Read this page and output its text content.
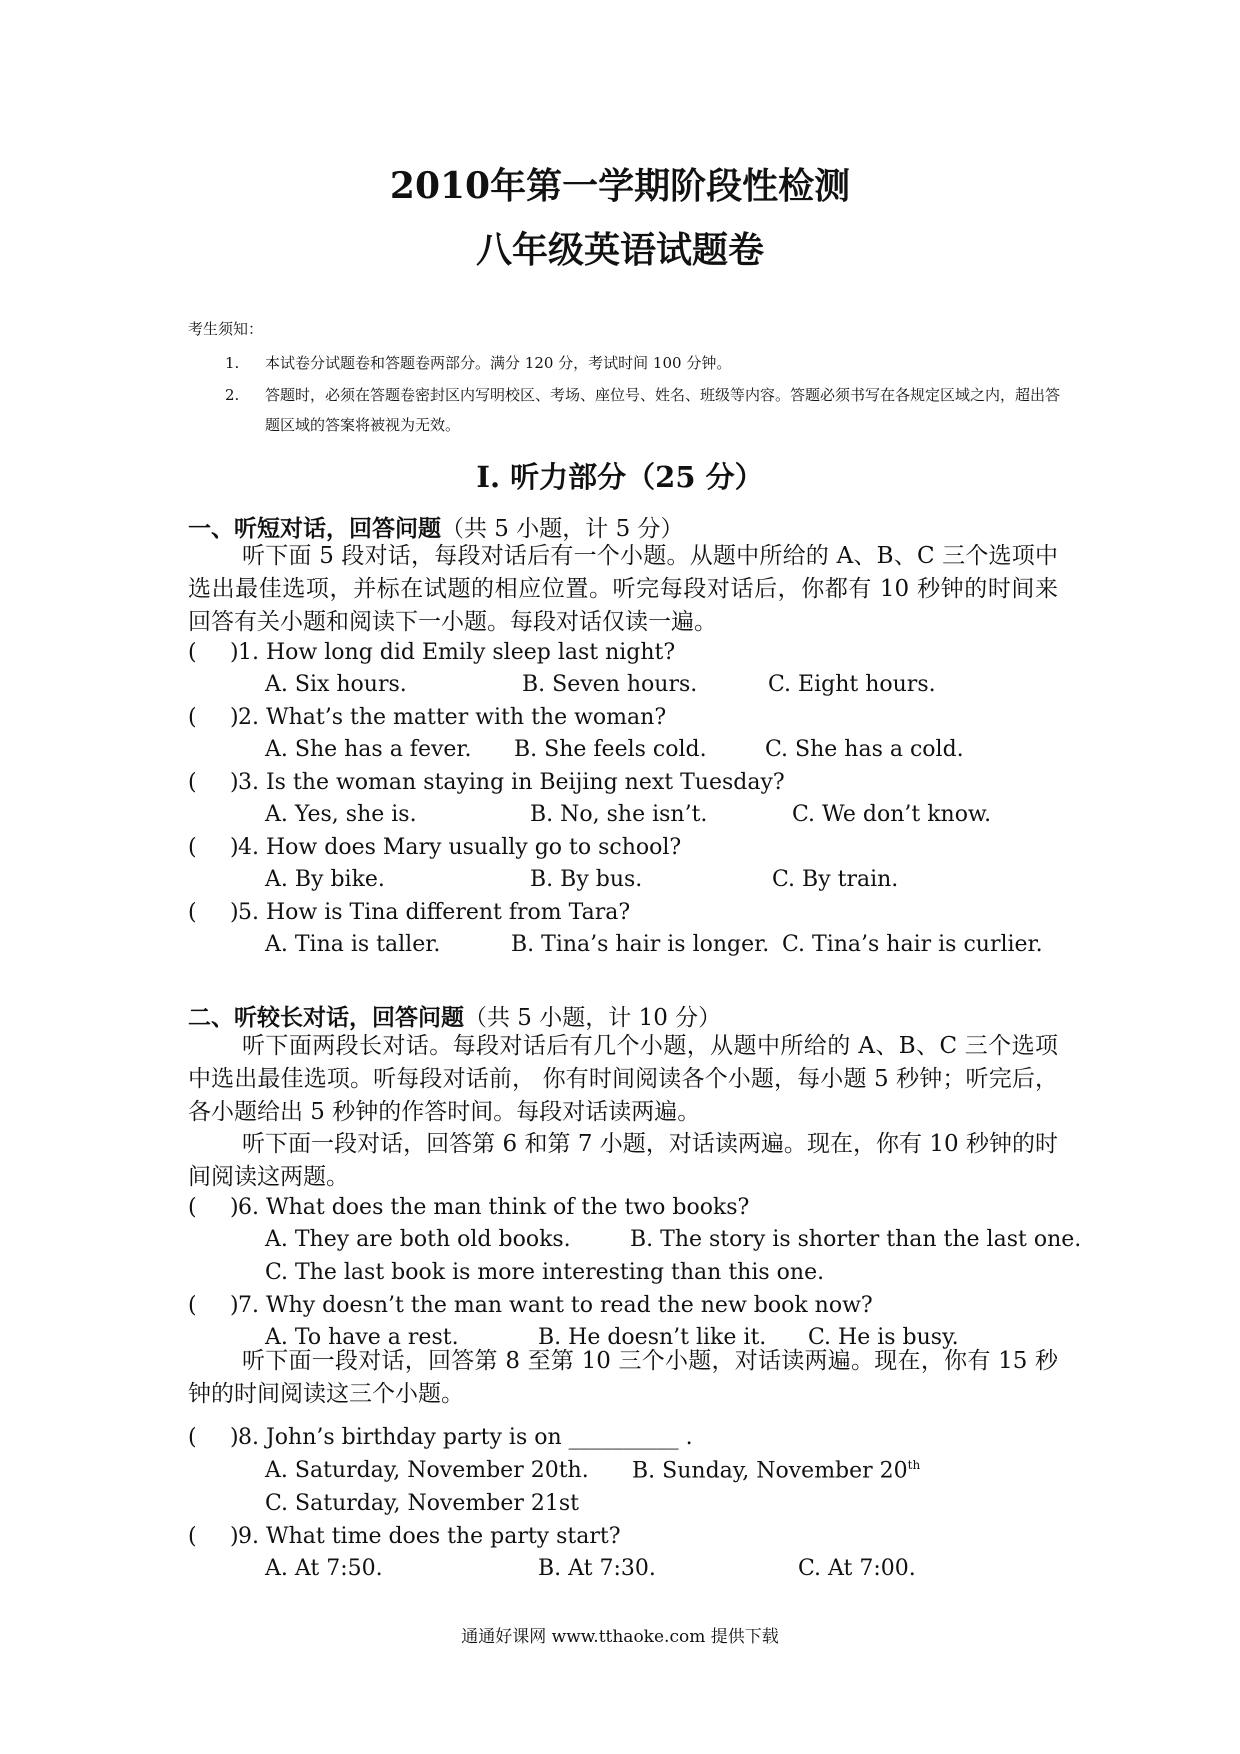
2010年第一学期阶段性检测
八年级英语试题卷
考生须知：
1.	本试卷分试题卷和答题卷两部分。满分 120 分，考试时间 100 分钟。
2.	答题时，必须在答题卷密封区内写明校区、考场、座位号、姓名、班级等内容。答题必须书写在各规定区域之内，超出答题区域的答案将被视为无效。
I. 听力部分（25 分）
一、听短对话，回答问题（共 5 小题，计 5 分）
听下面 5 段对话，每段对话后有一个小题。从题中所给的 A、B、C 三个选项中选出最佳选项，并标在试题的相应位置。听完每段对话后，你都有 10 秒钟的时间来回答有关小题和阅读下一小题。每段对话仅读一遍。
( ) 1. How long did Emily sleep last night?
A. Six hours.	B. Seven hours.	C. Eight hours.
( ) 2. What’s the matter with the woman?
A. She has a fever. B. She feels cold.	C. She has a cold.
( ) 3. Is the woman staying in Beijing next Tuesday?
A. Yes, she is.	B. No, she isn’t.	C. We don’t know.
( ) 4. How does Mary usually go to school?
A. By bike.	B. By bus.	C. By train.
( ) 5. How is Tina different from Tara?
A. Tina is taller.	B. Tina’s hair is longer. C. Tina’s hair is curlier.
二、听较长对话，回答问题（共 5 小题，计 10 分）
听下面两段长对话。每段对话后有几个小题，从题中所给的 A、B、C 三个选项中选出最佳选项。听每段对话前， 你有时间阅读各个小题，每小题 5 秒钟；听完后，各小题给出 5 秒钟的作答时间。每段对话读两遍。
听下面一段对话，回答第 6 和第 7 小题，对话读两遍。现在，你有 10 秒钟的时间阅读这两题。
( ) 6. What does the man think of the two books?
A. They are both old books.	B. The story is shorter than the last one.
C. The last book is more interesting than this one.
( ) 7. Why doesn’t the man want to read the new book now?
A. To have a rest.	B. He doesn’t like it. C. He is busy.
听下面一段对话，回答第 8 至第 10 三个小题，对话读两遍。现在，你有 15 秒钟的时间阅读这三个小题。
( ) 8. John’s birthday party is on __________ .
A. Saturday, November 20th. B. Sunday, November 20th
C. Saturday, November 21st
( ) 9. What time does the party start?
A. At 7:50.	B. At 7:30.	C. At 7:00.
通通好课网 www.tthaoke.com 提供下载
